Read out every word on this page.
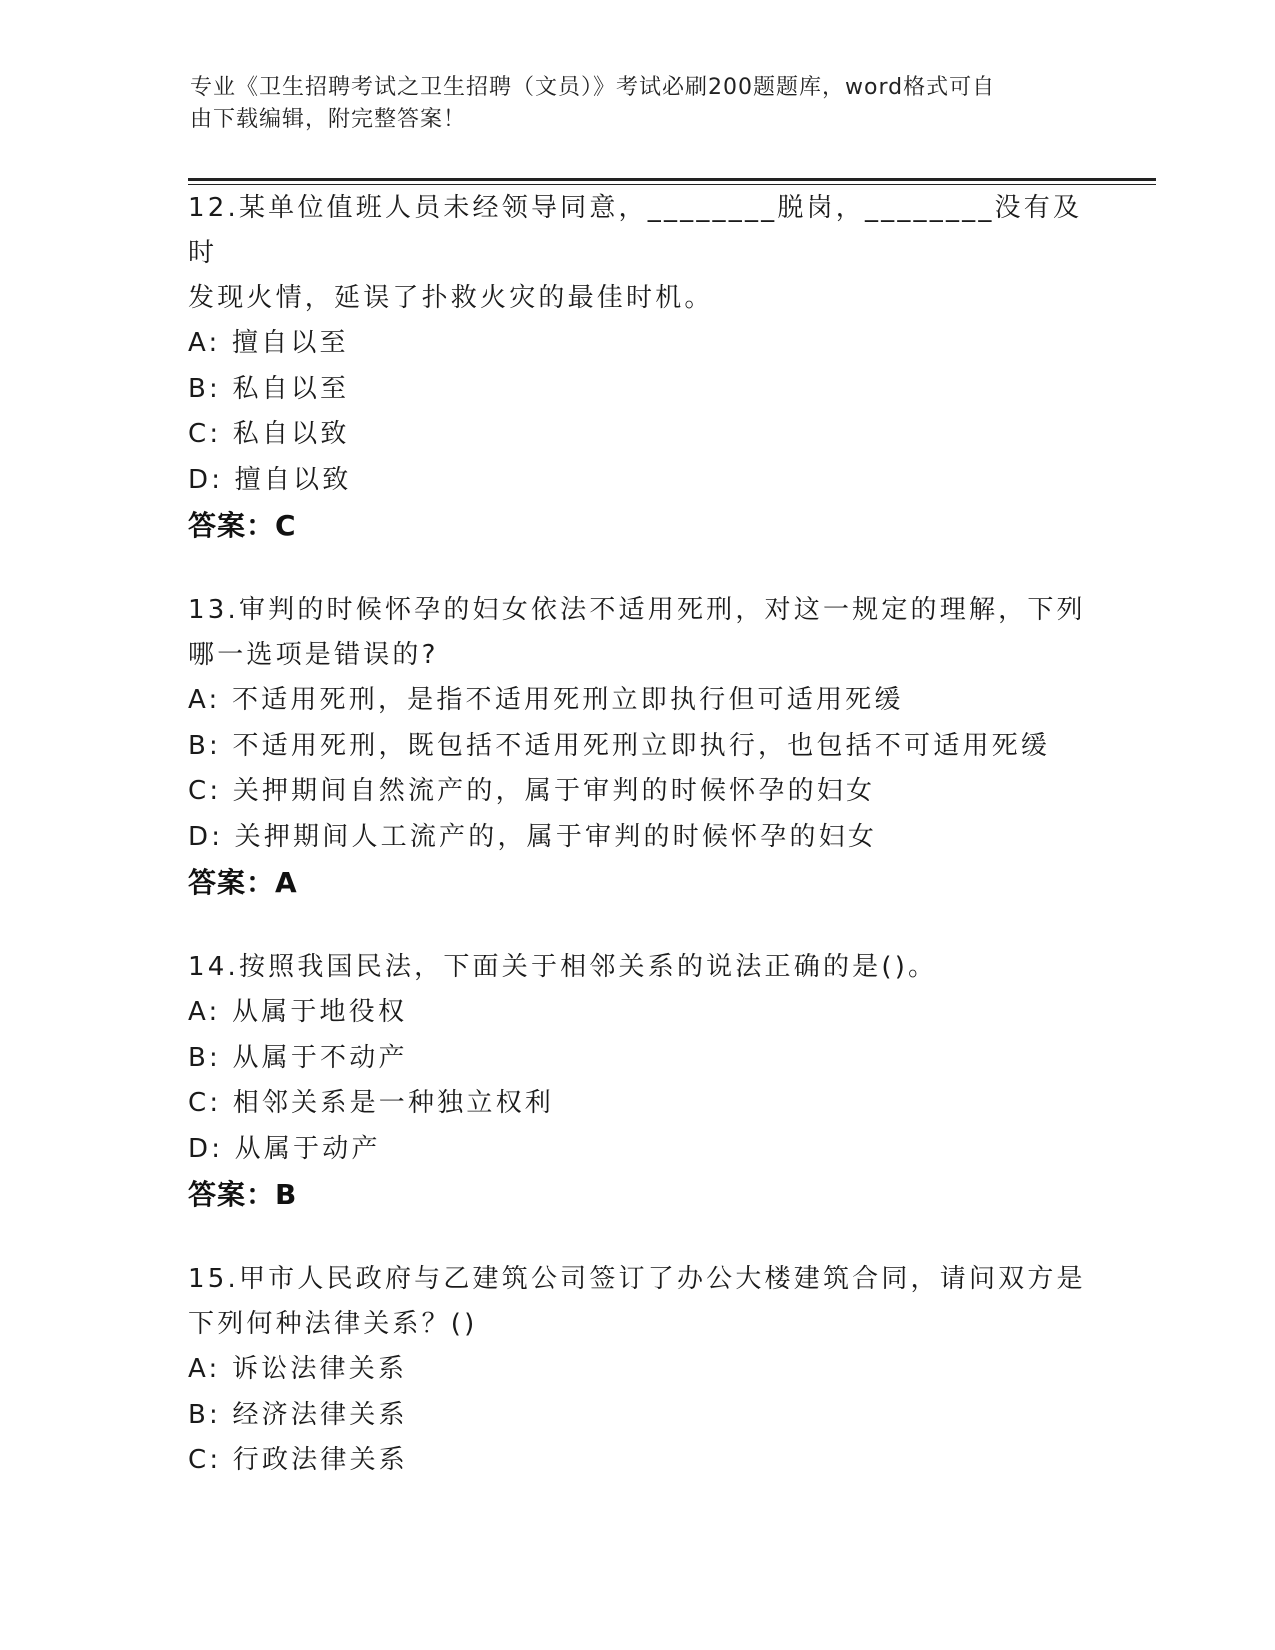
专业《卫生招聘考试之卫生招聘（文员）》考试必刷200题题库，word格式可自
由下载编辑，附完整答案！
12.某单位值班人员未经领导同意，________脱岗，________没有及时
发现火情，延误了扑救火灾的最佳时机。
A: 擅自以至
B: 私自以至
C: 私自以致
D: 擅自以致
答案：C
13.审判的时候怀孕的妇女依法不适用死刑，对这一规定的理解，下列
哪一选项是错误的?
A: 不适用死刑，是指不适用死刑立即执行但可适用死缓
B: 不适用死刑，既包括不适用死刑立即执行，也包括不可适用死缓
C: 关押期间自然流产的，属于审判的时候怀孕的妇女
D: 关押期间人工流产的，属于审判的时候怀孕的妇女
答案：A
14.按照我国民法，下面关于相邻关系的说法正确的是()。
A: 从属于地役权
B: 从属于不动产
C: 相邻关系是一种独立权利
D: 从属于动产
答案：B
15.甲市人民政府与乙建筑公司签订了办公大楼建筑合同，请问双方是
下列何种法律关系？()
A: 诉讼法律关系
B: 经济法律关系
C: 行政法律关系
